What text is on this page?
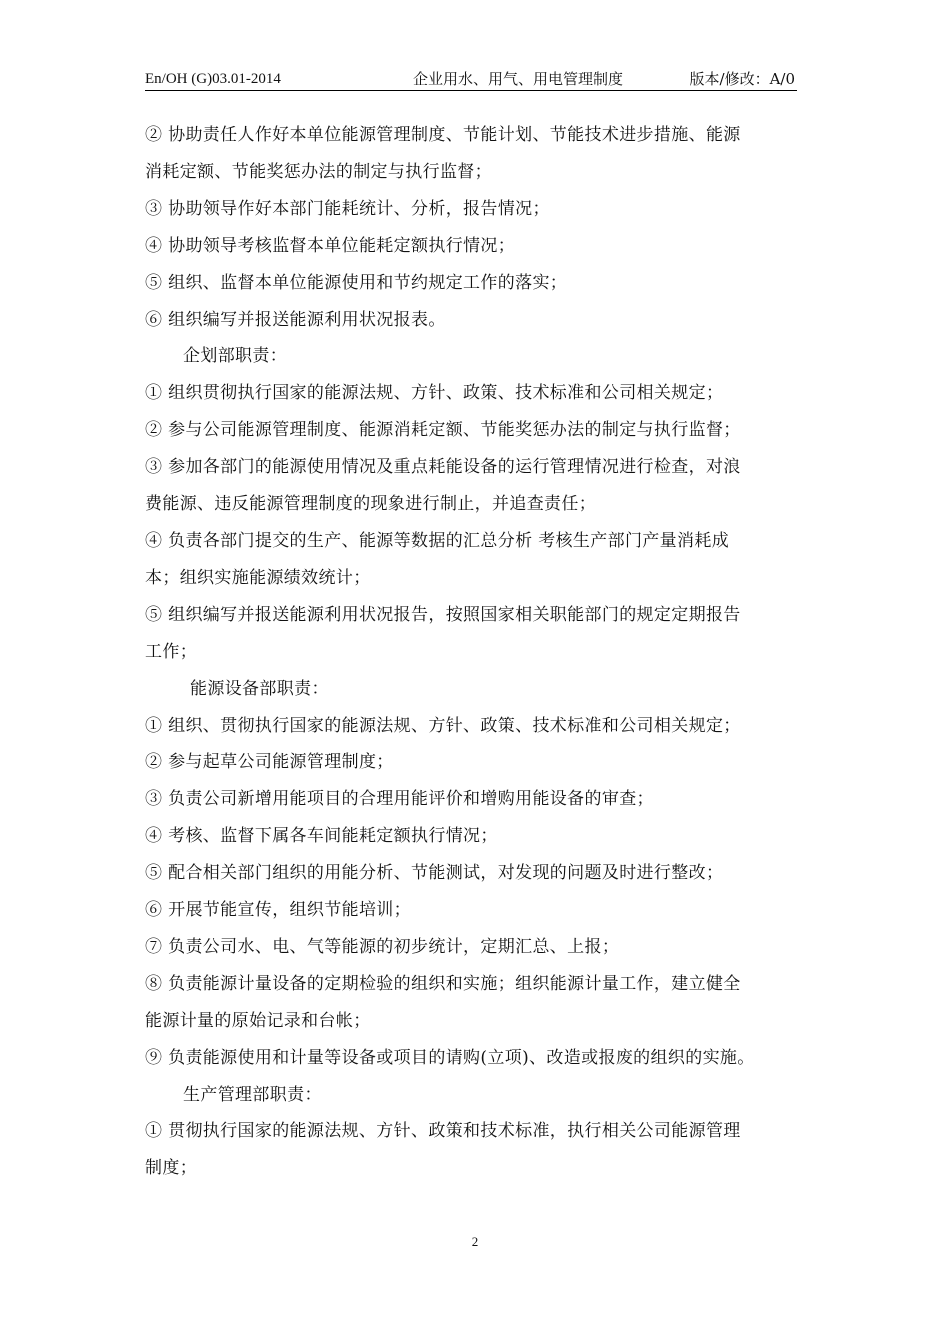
En/OH (G)03.01-2014	企业用水、用气、用电管理制度	版本/修改：A/0

② 协助责任人作好本单位能源管理制度、节能计划、节能技术进步措施、能源

消耗定额、节能奖惩办法的制定与执行监督；

③ 协助领导作好本部门能耗统计、分析，报告情况；

④ 协助领导考核监督本单位能耗定额执行情况；

⑤ 组织、监督本单位能源使用和节约规定工作的落实；

⑥ 组织编写并报送能源利用状况报表。

企划部职责：

① 组织贯彻执行国家的能源法规、方针、政策、技术标准和公司相关规定；

② 参与公司能源管理制度、能源消耗定额、节能奖惩办法的制定与执行监督；

③ 参加各部门的能源使用情况及重点耗能设备的运行管理情况进行检查，对浪

费能源、违反能源管理制度的现象进行制止，并追查责任；

④ 负责各部门提交的生产、能源等数据的汇总分析 考核生产部门产量消耗成

本；组织实施能源绩效统计；

⑤ 组织编写并报送能源利用状况报告，按照国家相关职能部门的规定定期报告

工作；

能源设备部职责：

① 组织、贯彻执行国家的能源法规、方针、政策、技术标准和公司相关规定；

② 参与起草公司能源管理制度；

③ 负责公司新增用能项目的合理用能评价和增购用能设备的审查；

④ 考核、监督下属各车间能耗定额执行情况；

⑤ 配合相关部门组织的用能分析、节能测试，对发现的问题及时进行整改；

⑥ 开展节能宣传，组织节能培训；

⑦ 负责公司水、电、气等能源的初步统计，定期汇总、上报；

⑧ 负责能源计量设备的定期检验的组织和实施；组织能源计量工作，建立健全

能源计量的原始记录和台帐；

⑨ 负责能源使用和计量等设备或项目的请购(立项)、改造或报废的组织的实施。

生产管理部职责：

① 贯彻执行国家的能源法规、方针、政策和技术标准，执行相关公司能源管理

制度；

2
